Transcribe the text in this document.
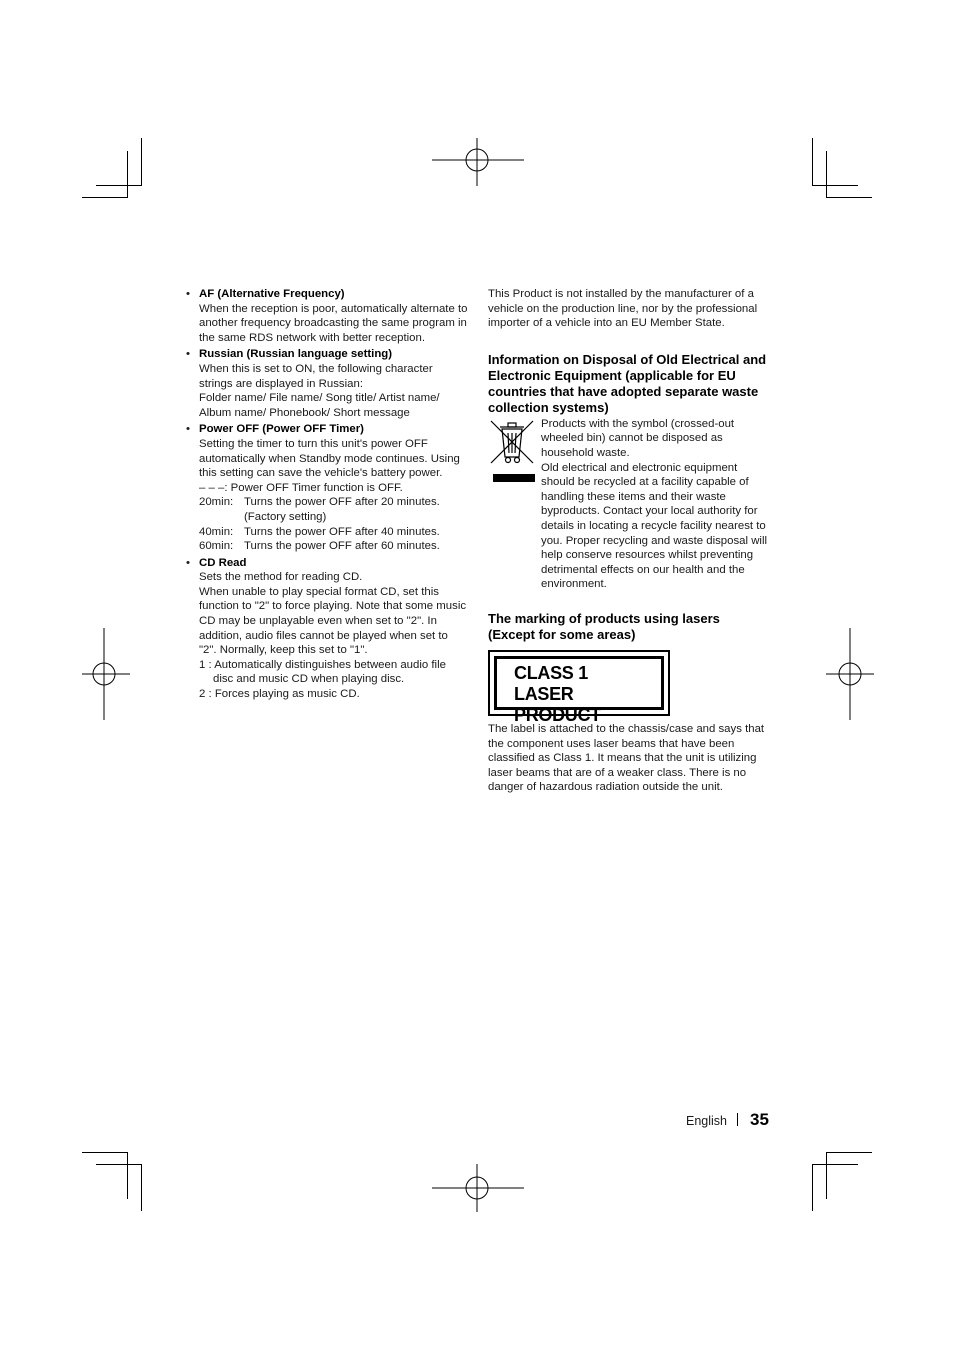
• AF (Alternative Frequency)

When the reception is poor, automatically alternate to another frequency broadcasting the same program in the same RDS network with better reception.

• Russian (Russian language setting)

When this is set to ON, the following character strings are displayed in Russian:

Folder name/ File name/ Song title/ Artist name/ Album name/ Phonebook/ Short message

• Power OFF (Power OFF Timer)

Setting the timer to turn this unit's power OFF automatically when Standby mode continues. Using this setting can save the vehicle's battery power.

– – –: Power OFF Timer function is OFF.

20min: Turns the power OFF after 20 minutes. (Factory setting)
40min: Turns the power OFF after 40 minutes.
60min: Turns the power OFF after 60 minutes.
• CD Read

Sets the method for reading CD.

When unable to play special format CD, set this function to "2" to force playing. Note that some music CD may be unplayable even when set to "2". In addition, audio files cannot be played when set to "2". Normally, keep this set to "1".

1 : Automatically distinguishes between audio file disc and music CD when playing disc.

2 : Forces playing as music CD.

This Product is not installed by the manufacturer of a vehicle on the production line, nor by the professional importer of a vehicle into an EU Member State.

Information on Disposal of Old Electrical and Electronic Equipment (applicable for EU countries that have adopted separate waste collection systems)

Products with the symbol (crossed-out wheeled bin) cannot be disposed as household waste.

Old electrical and electronic equipment should be recycled at a facility capable of handling these items and their waste byproducts. Contact your local authority for details in locating a recycle facility nearest to you. Proper recycling and waste disposal will help conserve resources whilst preventing detrimental effects on our health and the environment.

The marking of products using lasers (Except for some areas)

CLASS 1
LASER PRODUCT

The label is attached to the chassis/case and says that the component uses laser beams that have been classified as Class 1. It means that the unit is utilizing laser beams that are of a weaker class. There is no danger of hazardous radiation outside the unit.

English 35
